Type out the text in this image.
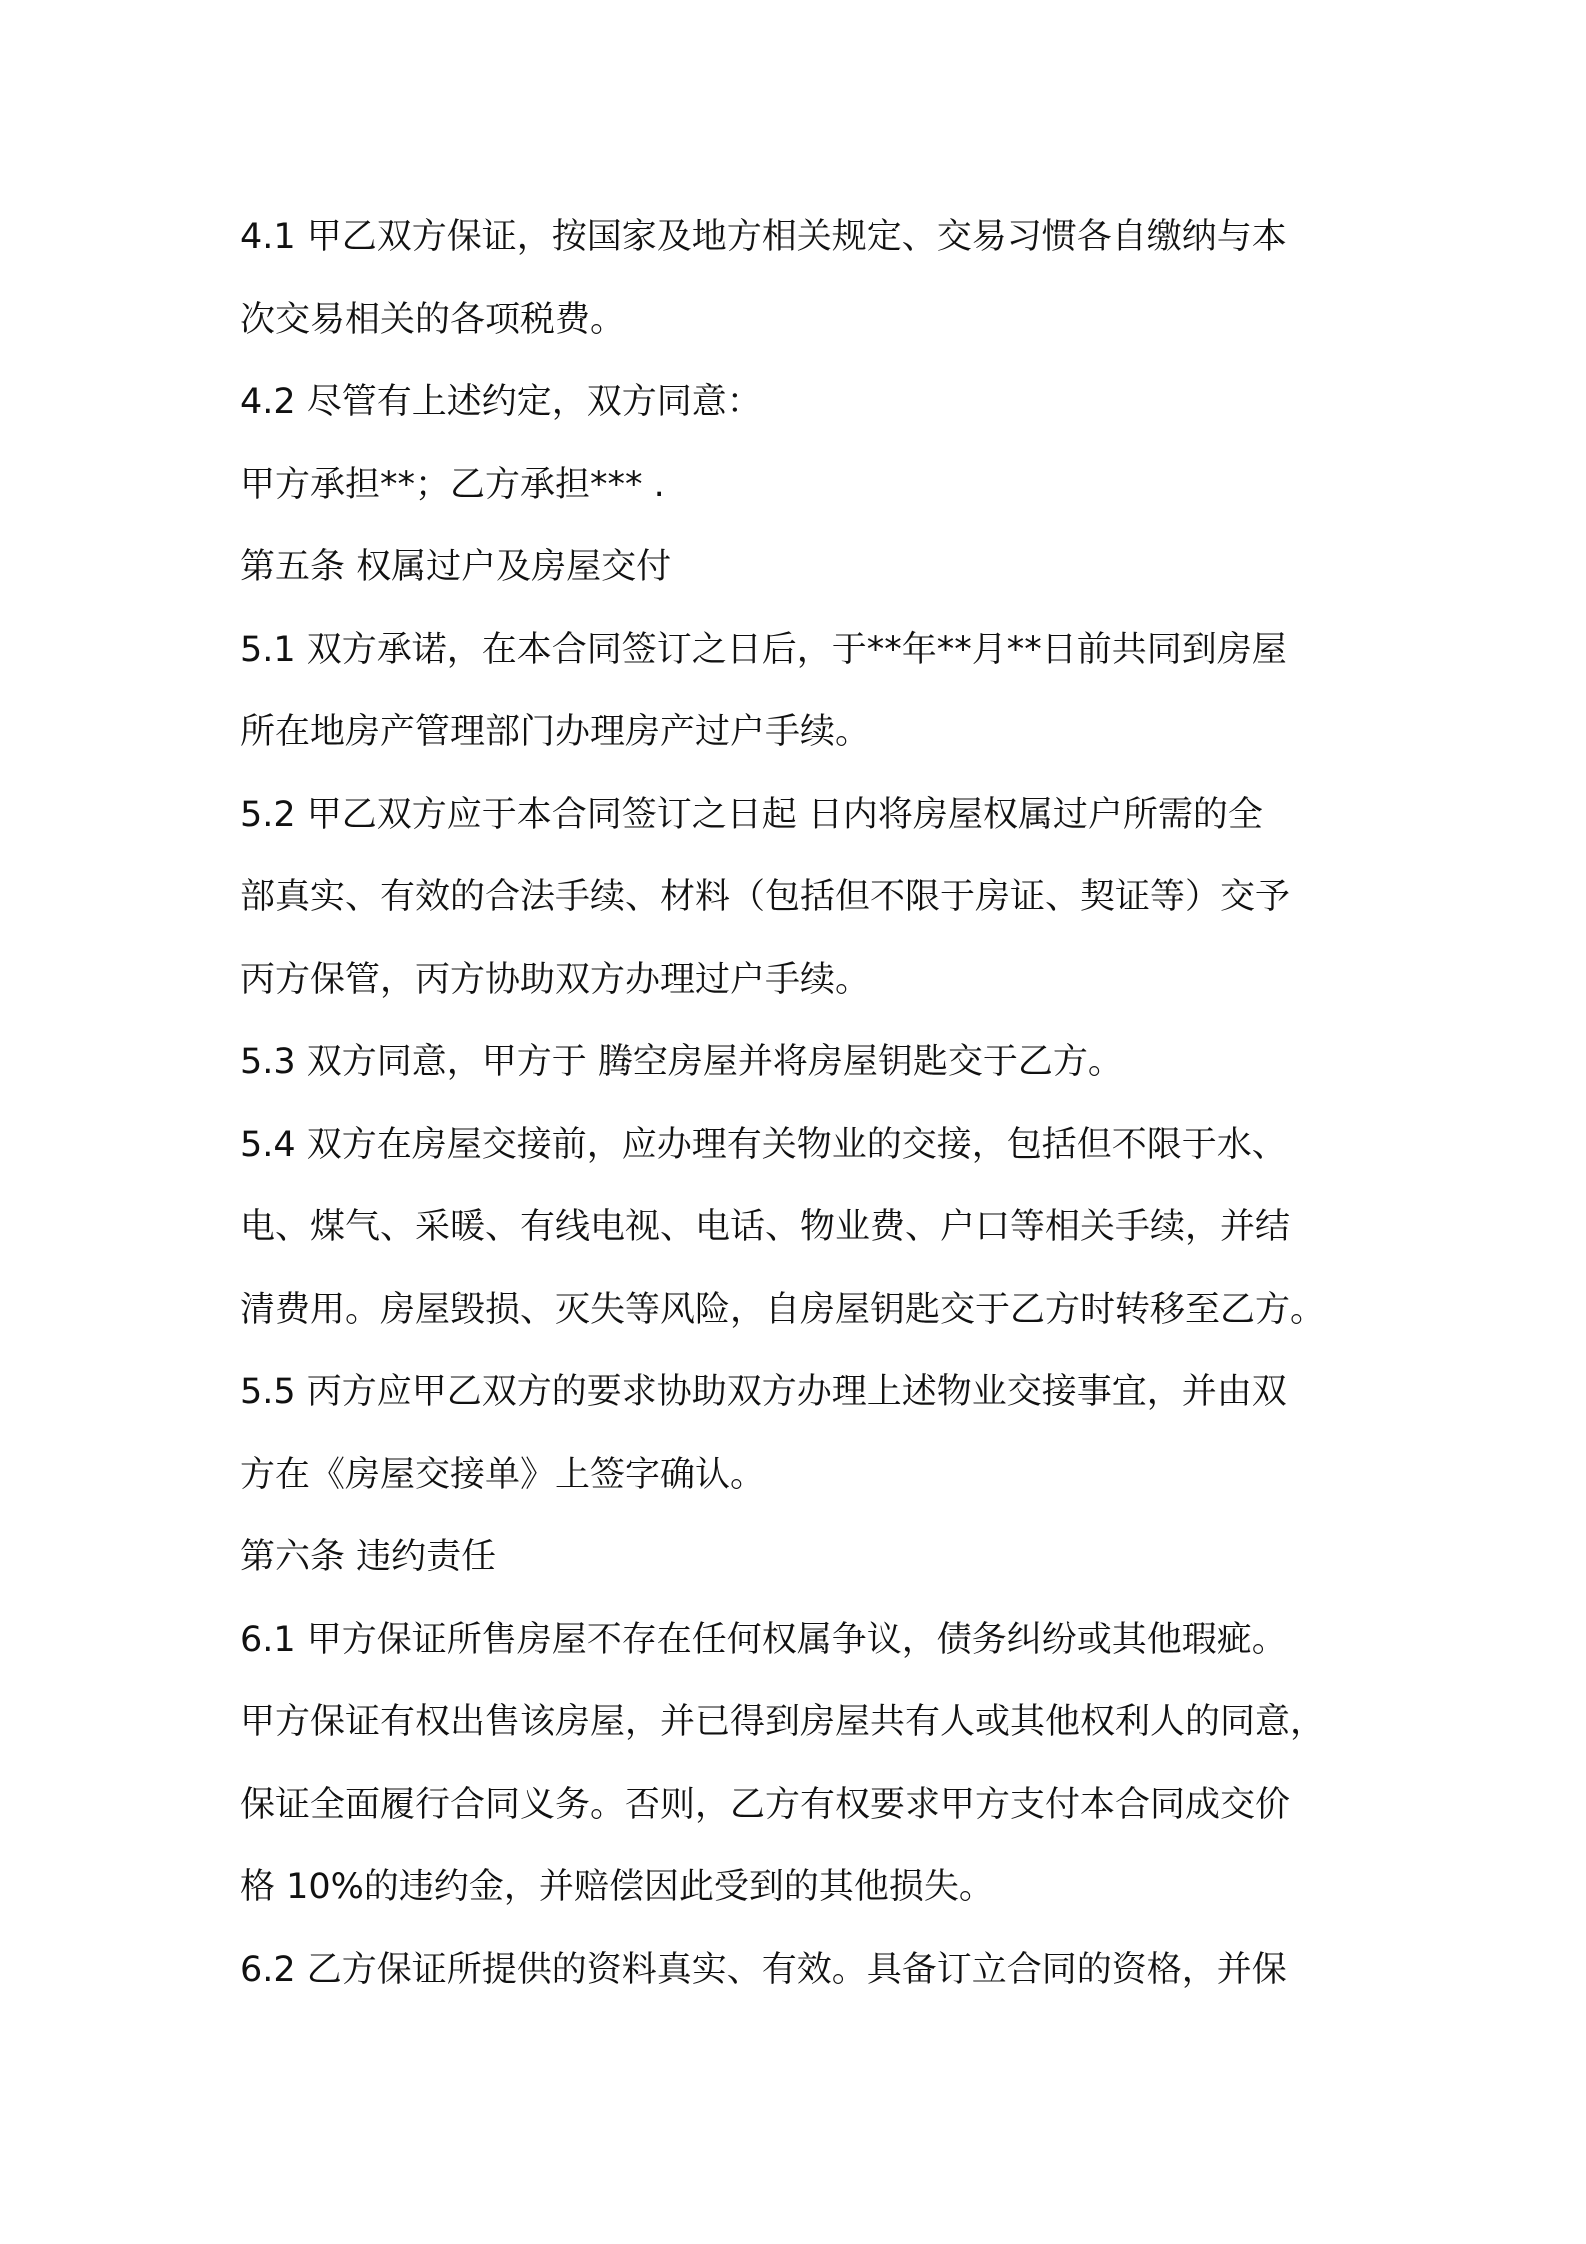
4.1 甲乙双方保证，按国家及地方相关规定、交易习惯各自缴纳与本
次交易相关的各项税费。
4.2 尽管有上述约定，双方同意：
甲方承担**；乙方承担*** .
第五条 权属过户及房屋交付
5.1 双方承诺，在本合同签订之日后，于**年**月**日前共同到房屋
所在地房产管理部门办理房产过户手续。
5.2 甲乙双方应于本合同签订之日起 日内将房屋权属过户所需的全
部真实、有效的合法手续、材料（包括但不限于房证、契证等）交予
丙方保管，丙方协助双方办理过户手续。
5.3 双方同意，甲方于 腾空房屋并将房屋钥匙交于乙方。
5.4 双方在房屋交接前，应办理有关物业的交接，包括但不限于水、
电、煤气、采暖、有线电视、电话、物业费、户口等相关手续，并结
清费用。房屋毁损、灭失等风险，自房屋钥匙交于乙方时转移至乙方。
5.5 丙方应甲乙双方的要求协助双方办理上述物业交接事宜，并由双
方在《房屋交接单》上签字确认。
第六条 违约责任
6.1 甲方保证所售房屋不存在任何权属争议，债务纠纷或其他瑕疵。
甲方保证有权出售该房屋，并已得到房屋共有人或其他权利人的同意，
保证全面履行合同义务。否则，乙方有权要求甲方支付本合同成交价
格 10%的违约金，并赔偿因此受到的其他损失。
6.2 乙方保证所提供的资料真实、有效。具备订立合同的资格，并保
